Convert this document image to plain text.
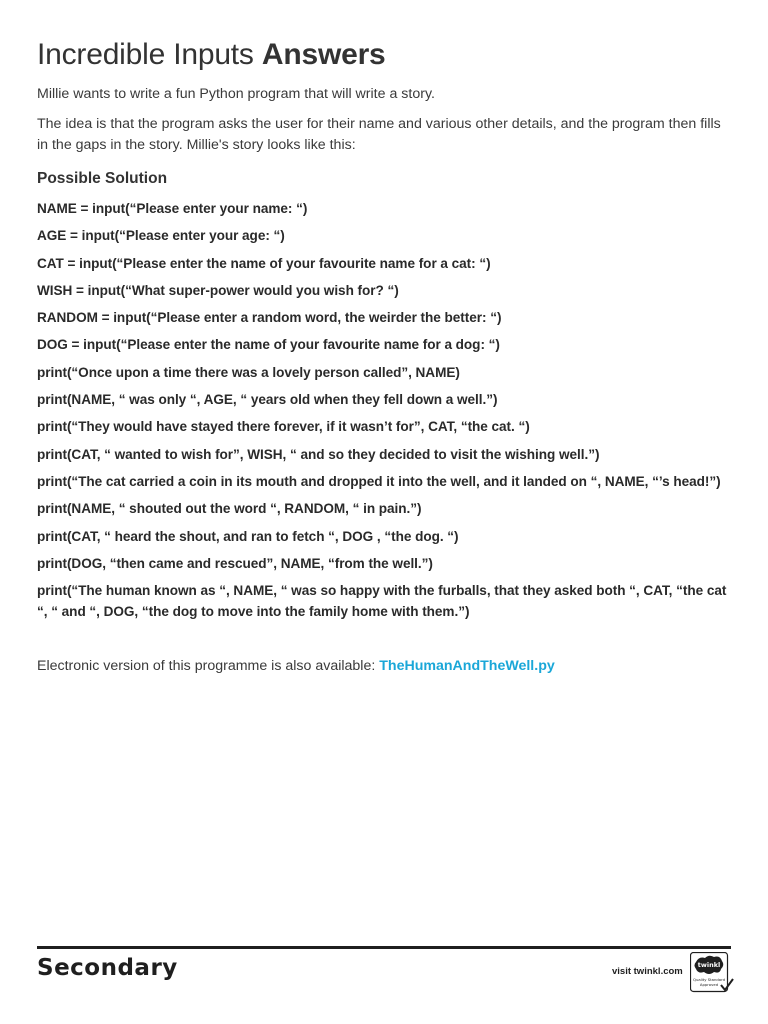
Incredible Inputs Answers

Millie wants to write a fun Python program that will write a story.

The idea is that the program asks the user for their name and various other details, and the program then fills in the gaps in the story. Millie's story looks like this:

Possible Solution
NAME = input(“Please enter your name: “)
AGE = input(“Please enter your age: “)
CAT = input(“Please enter the name of your favourite name for a cat: “)
WISH = input(“What super-power would you wish for? “)
RANDOM = input(“Please enter a random word, the weirder the better: “)
DOG = input(“Please enter the name of your favourite name for a dog: “)
print(“Once upon a time there was a lovely person called”, NAME)
print(NAME, “ was only “, AGE, “ years old when they fell down a well.”)
print(“They would have stayed there forever, if it wasn’t for”, CAT, “the cat. “)
print(CAT, “ wanted to wish for”, WISH, “ and so they decided to visit the wishing well.”)
print(“The cat carried a coin in its mouth and dropped it into the well, and it landed on “, NAME, “’s head!”)
print(NAME, “ shouted out the word “, RANDOM, “ in pain.”)
print(CAT, “ heard the shout, and ran to fetch “, DOG , “the dog. “)
print(DOG, “then came and rescued”, NAME, “from the well.”)
print(“The human known as “, NAME, “ was so happy with the furballs, that they asked both “, CAT, “the cat “, “ and “, DOG, “the dog to move into the family home with them.”)
Electronic version of this programme is also available: TheHumanAndTheWell.py
Secondary	visit twinkl.com
twinkl
Quality Standard
Approved
